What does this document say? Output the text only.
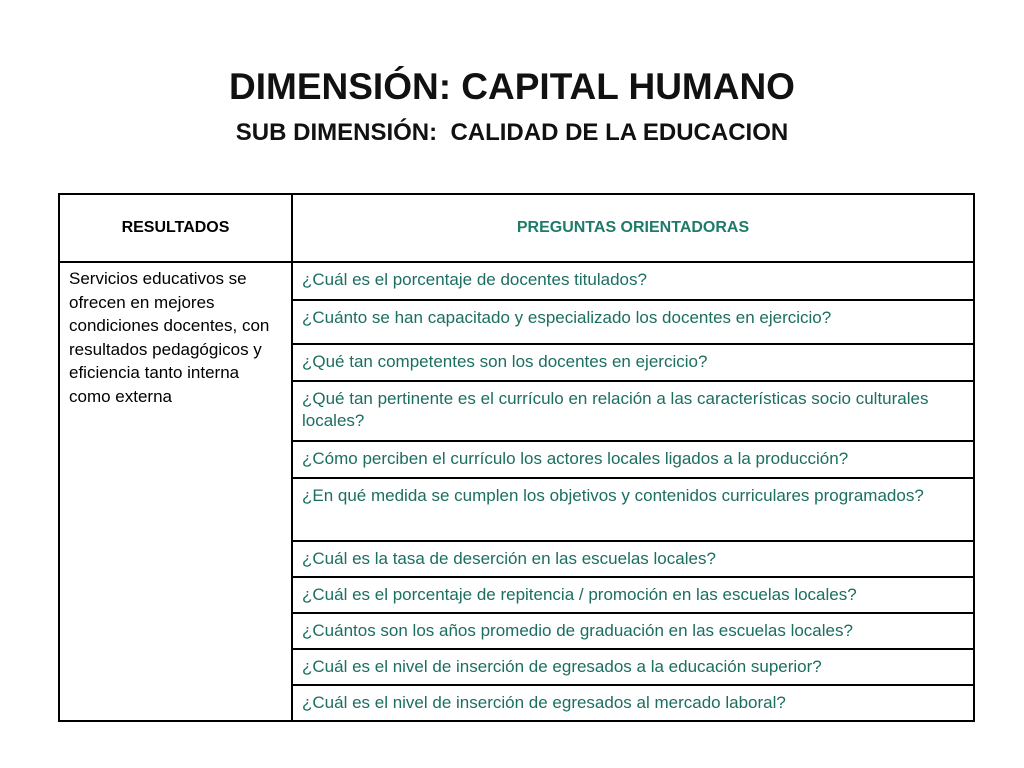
DIMENSIÓN: CAPITAL HUMANO
SUB DIMENSIÓN:  CALIDAD DE LA EDUCACION
RESULTADOS	PREGUNTAS ORIENTADORAS
Servicios educativos se ofrecen en mejores condiciones docentes, con resultados pedagógicos y eficiencia tanto interna como externa	¿Cuál es el porcentaje de docentes titulados?
	¿Cuánto se han capacitado y especializado los docentes en ejercicio?
	¿Qué tan competentes son los docentes en ejercicio?
	¿Qué tan pertinente es el currículo en relación a las características socio culturales locales?
	¿Cómo perciben el currículo los actores locales ligados a la producción?
	¿En qué medida se cumplen los objetivos y contenidos curriculares programados?
	¿Cuál es la tasa de deserción en las escuelas locales?
	¿Cuál es el porcentaje de repitencia / promoción en las escuelas locales?
	¿Cuántos son los años promedio de graduación en las escuelas locales?
	¿Cuál es el nivel de inserción de egresados a la educación superior?
	¿Cuál es el nivel de inserción de egresados al mercado laboral?
